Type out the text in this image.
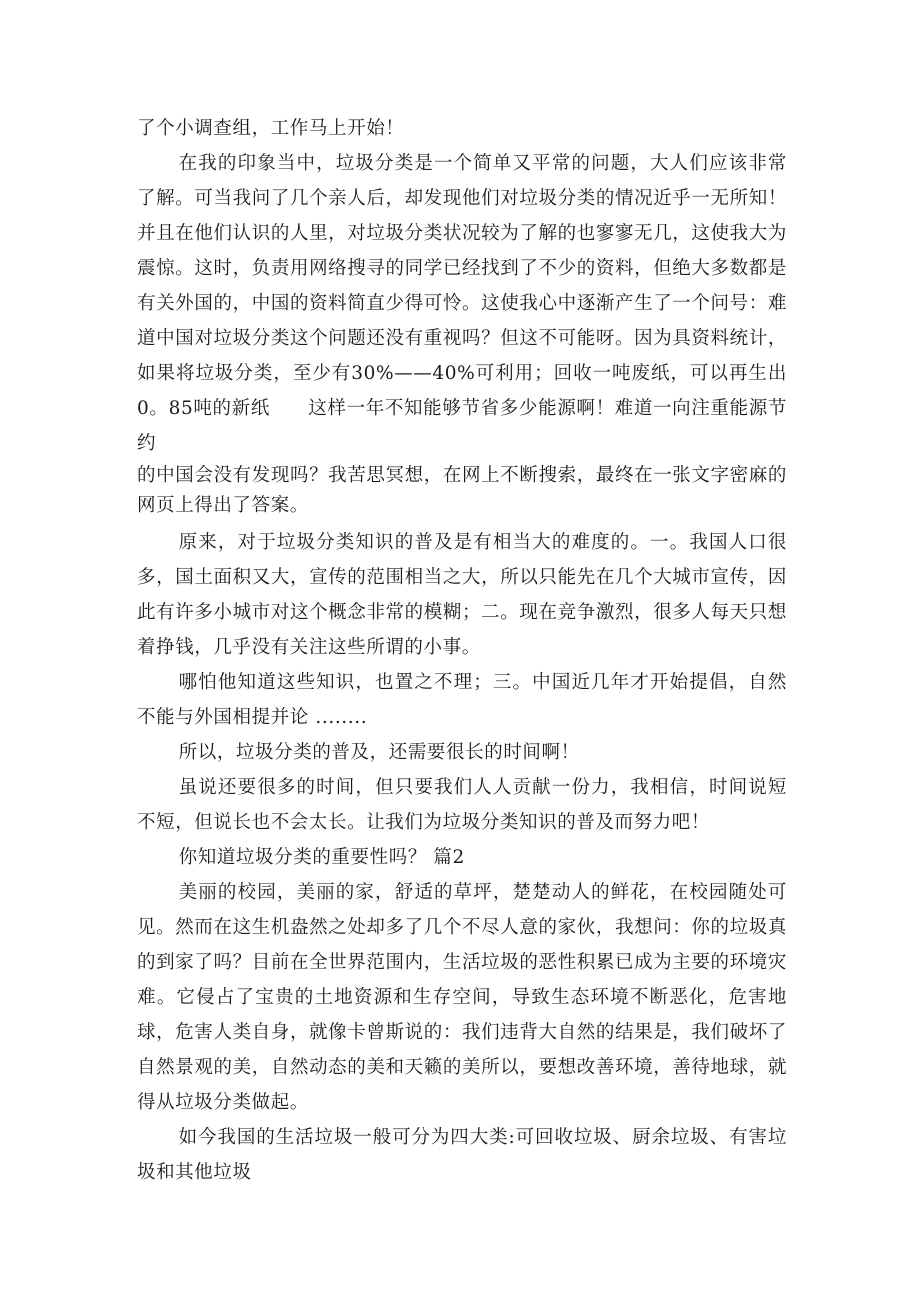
了个小调查组，工作马上开始！

在我的印象当中，垃圾分类是一个简单又平常的问题，大人们应该非常了解。可当我问了几个亲人后，却发现他们对垃圾分类的情况近乎一无所知！并且在他们认识的人里，对垃圾分类状况较为了解的也寥寥无几，这使我大为震惊。这时，负责用网络搜寻的同学已经找到了不少的资料，但绝大多数都是有关外国的，中国的资料简直少得可怜。这使我心中逐渐产生了一个问号：难道中国对垃圾分类这个问题还没有重视吗？但这不可能呀。因为具资料统计，如果将垃圾分类，至少有30%——40%可利用；回收一吨废纸，可以再生出0。85吨的新纸　　这样一年不知能够节省多少能源啊！难道一向注重能源节约

的中国会没有发现吗？我苦思冥想，在网上不断搜索，最终在一张文字密麻的网页上得出了答案。

原来，对于垃圾分类知识的普及是有相当大的难度的。一。我国人口很多，国土面积又大，宣传的范围相当之大，所以只能先在几个大城市宣传，因此有许多小城市对这个概念非常的模糊；二。现在竞争激烈，很多人每天只想着挣钱，几乎没有关注这些所谓的小事。

哪怕他知道这些知识，也置之不理；三。中国近几年才开始提倡，自然不能与外国相提并论 ........

所以，垃圾分类的普及，还需要很长的时间啊！

虽说还要很多的时间，但只要我们人人贡献一份力，我相信，时间说短不短，但说长也不会太长。让我们为垃圾分类知识的普及而努力吧！

你知道垃圾分类的重要性吗？ 篇2

美丽的校园，美丽的家，舒适的草坪，楚楚动人的鲜花，在校园随处可见。然而在这生机盎然之处却多了几个不尽人意的家伙，我想问：你的垃圾真的到家了吗？目前在全世界范围内，生活垃圾的恶性积累已成为主要的环境灾难。它侵占了宝贵的土地资源和生存空间，导致生态环境不断恶化，危害地球，危害人类自身，就像卡曾斯说的：我们违背大自然的结果是，我们破坏了自然景观的美，自然动态的美和天籁的美所以，要想改善环境，善待地球，就得从垃圾分类做起。

如今我国的生活垃圾一般可分为四大类:可回收垃圾、厨余垃圾、有害垃圾和其他垃圾
